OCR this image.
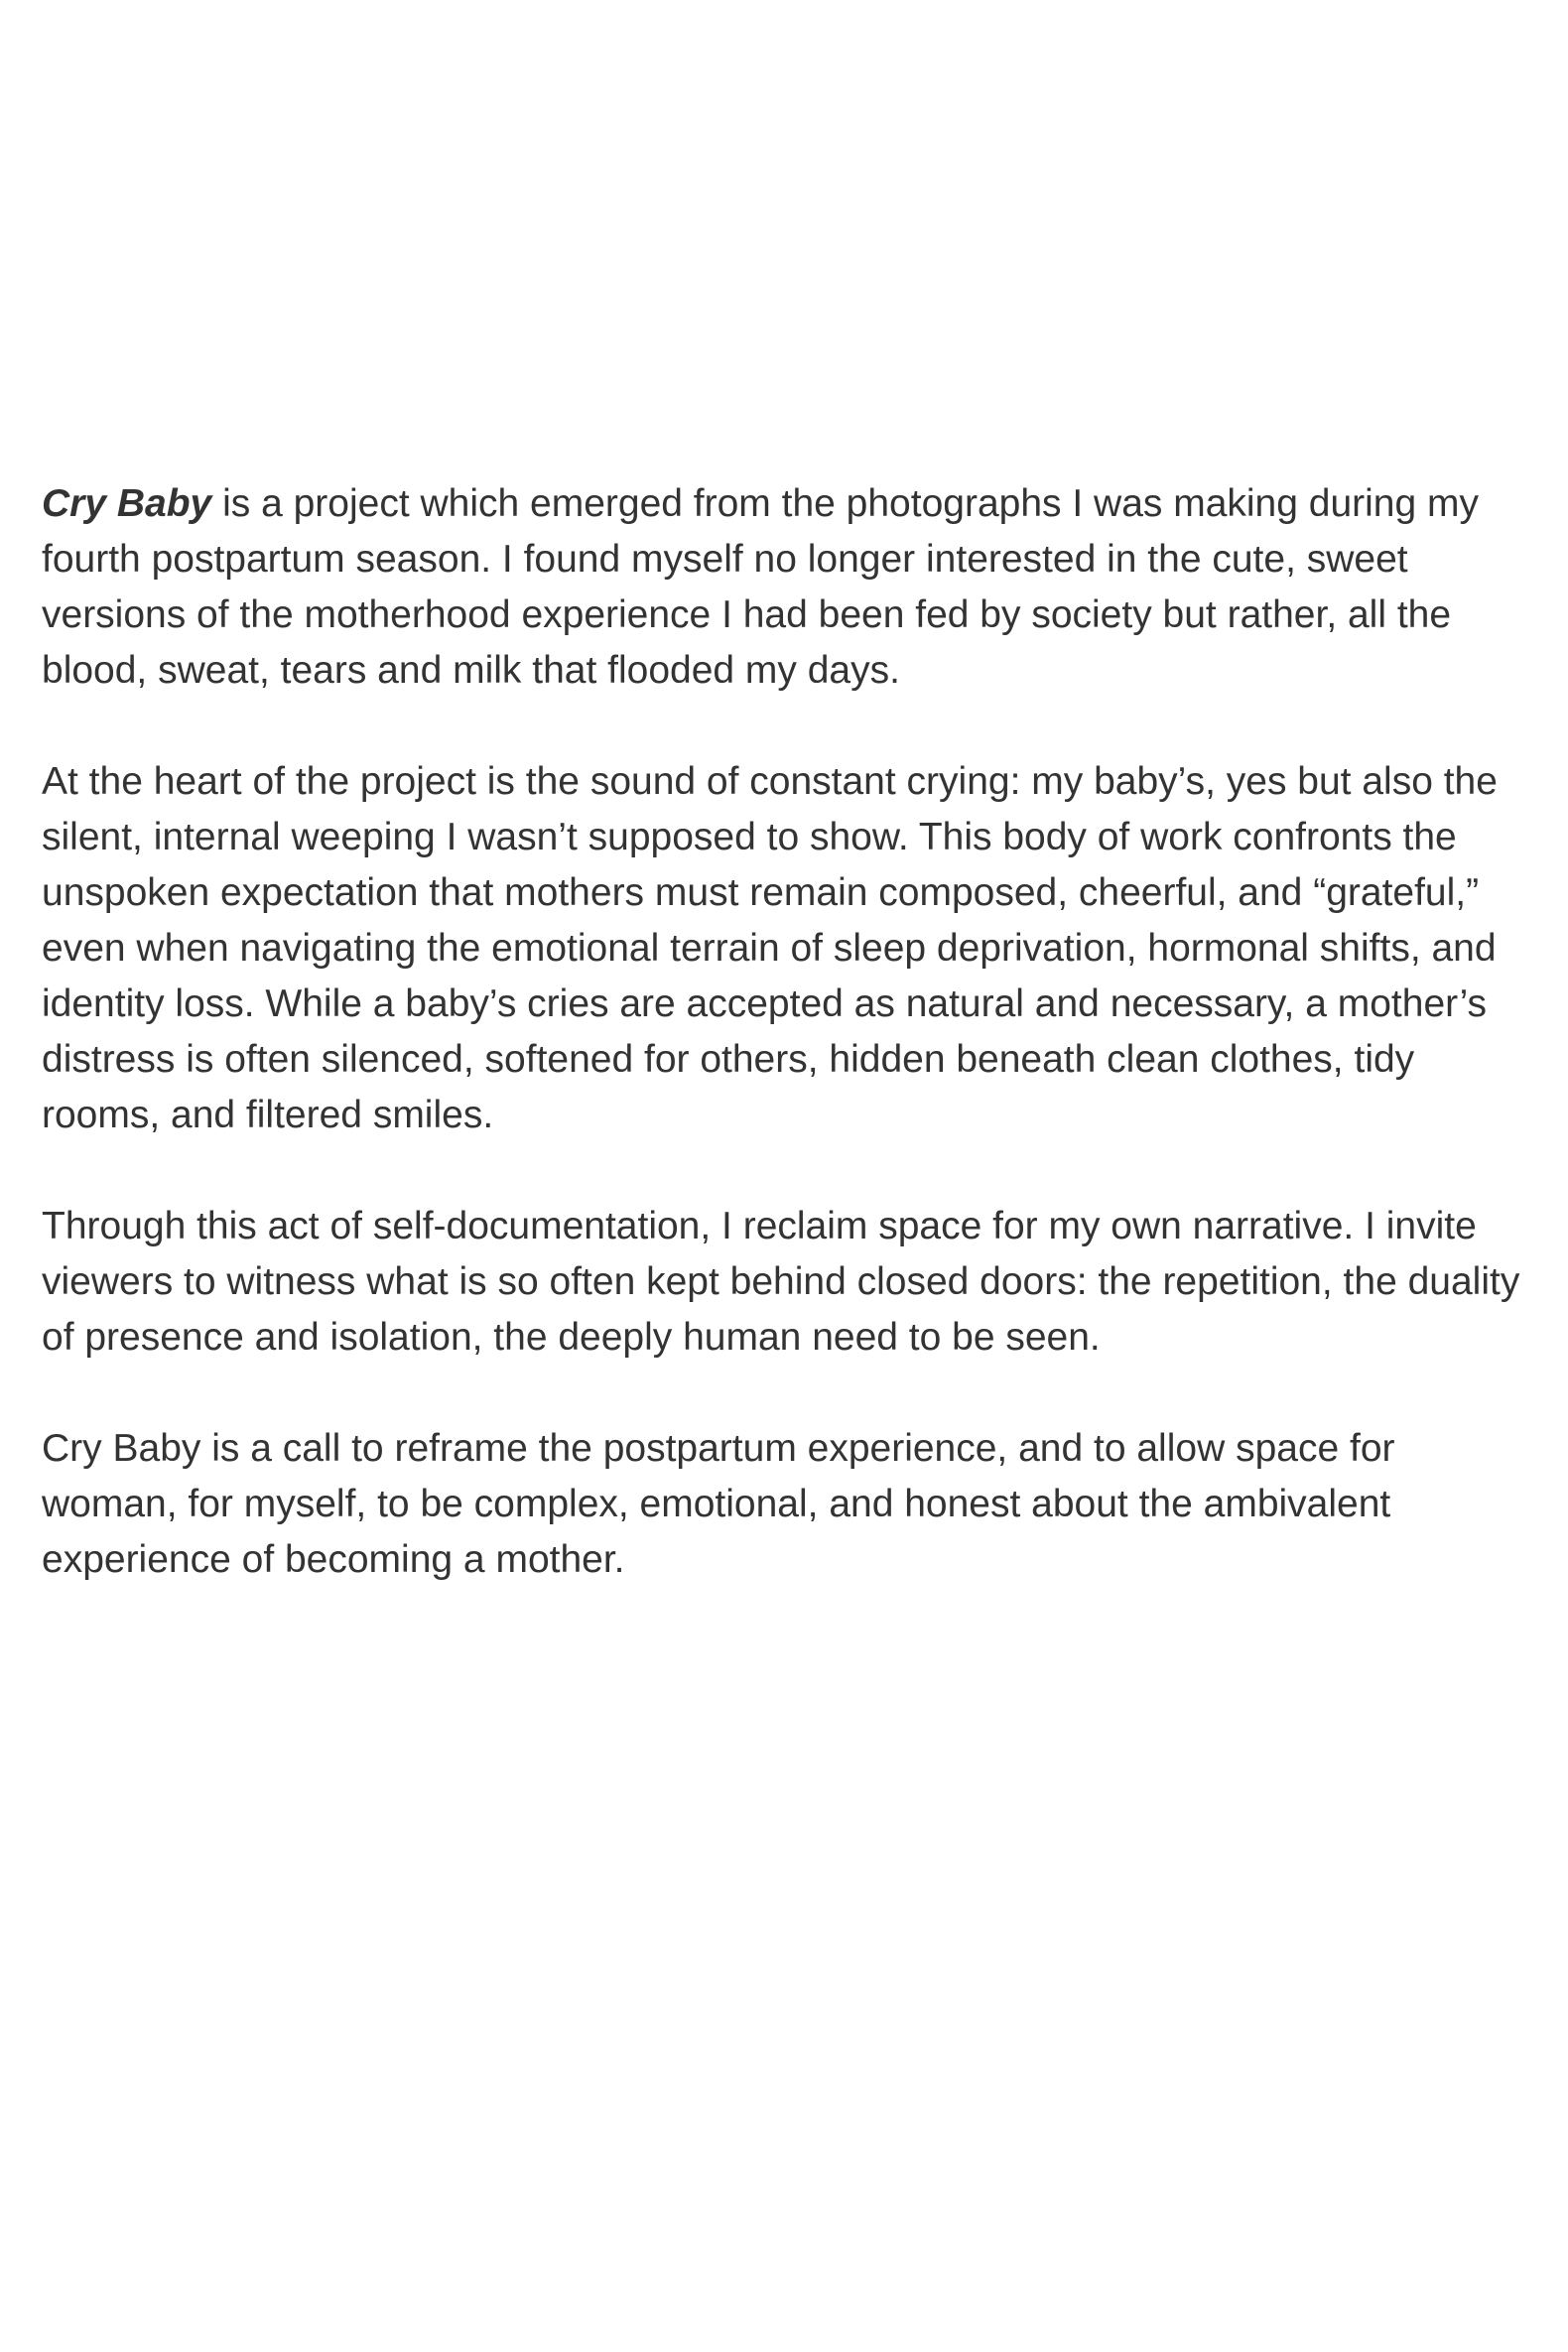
Cry Baby is a project which emerged from the photographs I was making during my fourth postpartum season. I found myself no longer interested in the cute, sweet versions of the motherhood experience I had been fed by society but rather, all the blood, sweat, tears and milk that flooded my days.

At the heart of the project is the sound of constant crying: my baby’s, yes but also the silent, internal weeping I wasn’t supposed to show. This body of work confronts the unspoken expectation that mothers must remain composed, cheerful, and “grateful,” even when navigating the emotional terrain of sleep deprivation, hormonal shifts, and identity loss. While a baby’s cries are accepted as natural and necessary, a mother’s distress is often silenced, softened for others, hidden beneath clean clothes, tidy rooms, and filtered smiles.

Through this act of self-documentation, I reclaim space for my own narrative. I invite viewers to witness what is so often kept behind closed doors: the repetition, the duality of presence and isolation, the deeply human need to be seen.

Cry Baby is a call to reframe the postpartum experience, and to allow space for woman, for myself, to be complex, emotional, and honest about the ambivalent experience of becoming a mother.
